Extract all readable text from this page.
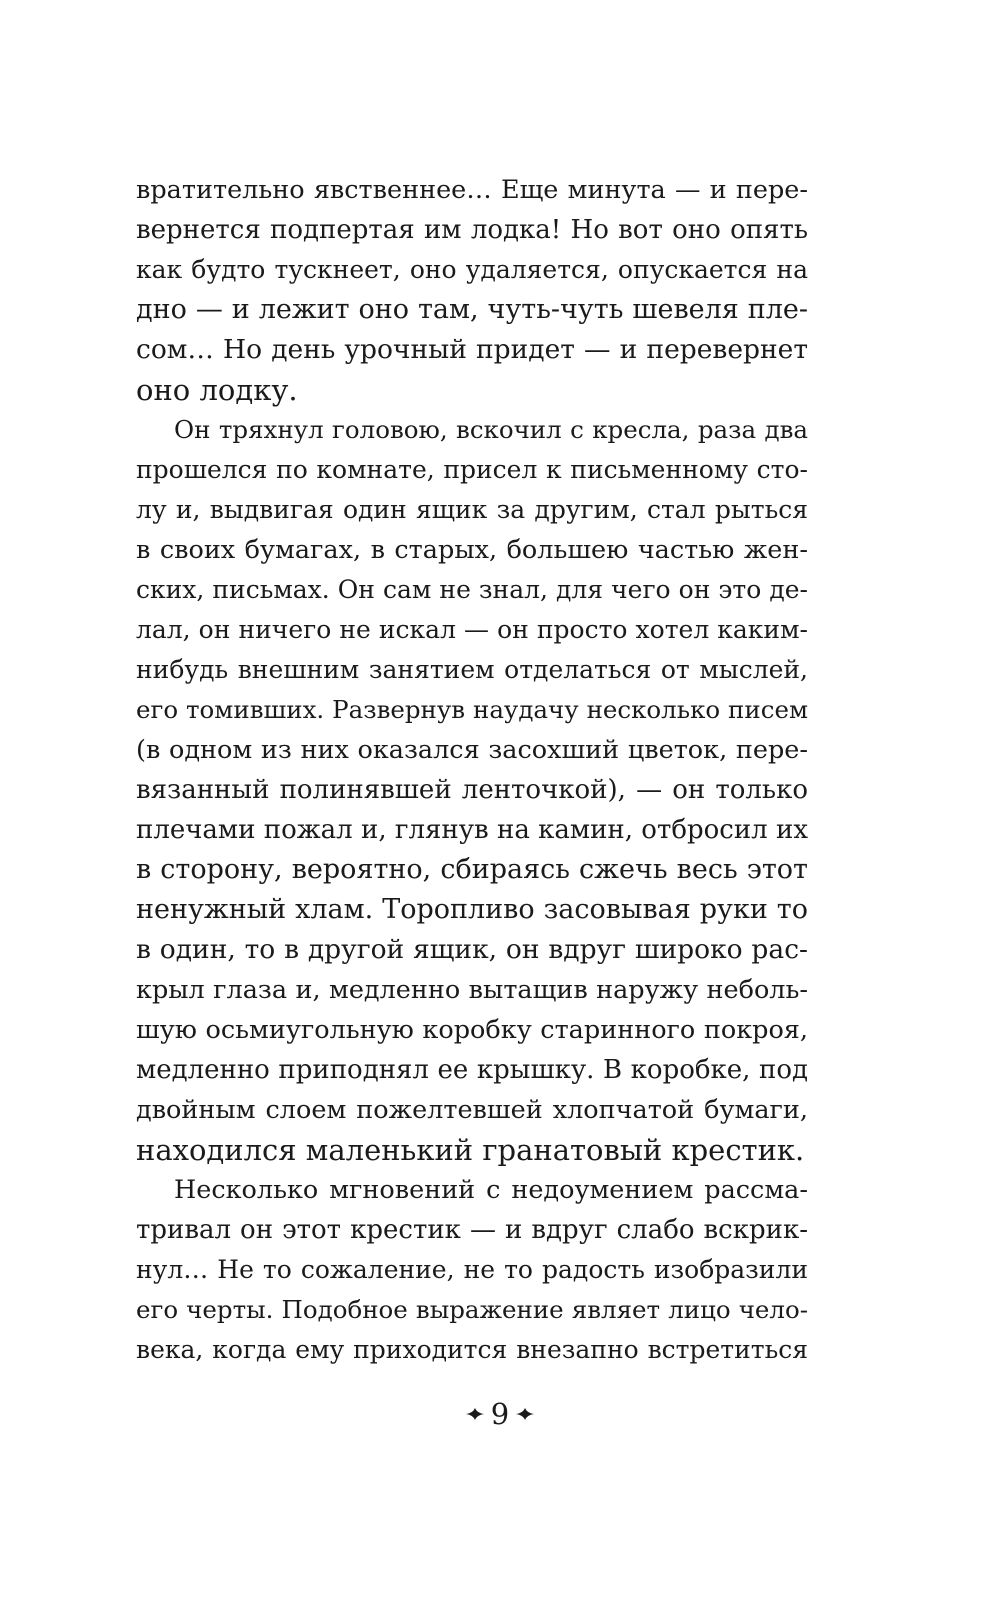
вратительно явственнее… Еще минута — и пере-
вернется подпертая им лодка! Но вот оно опять
как будто тускнеет, оно удаляется, опускается на
дно — и лежит оно там, чуть-чуть шевеля пле-
сом… Но день урочный придет — и перевернет
оно лодку.
Он тряхнул головою, вскочил с кресла, раза два
прошелся по комнате, присел к письменному сто-
лу и, выдвигая один ящик за другим, стал рыться
в своих бумагах, в старых, большею частью жен-
ских, письмах. Он сам не знал, для чего он это де-
лал, он ничего не искал — он просто хотел каким-
нибудь внешним занятием отделаться от мыслей,
его томивших. Развернув наудачу несколько писем
(в одном из них оказался засохший цветок, пере-
вязанный полинявшей ленточкой), — он только
плечами пожал и, глянув на камин, отбросил их
в сторону, вероятно, сбираясь сжечь весь этот
ненужный хлам. Торопливо засовывая руки то
в один, то в другой ящик, он вдруг широко рас-
крыл глаза и, медленно вытащив наружу неболь-
шую осьмиугольную коробку старинного покроя,
медленно приподнял ее крышку. В коробке, под
двойным слоем пожелтевшей хлопчатой бумаги,
находился маленький гранатовый крестик.
Несколько мгновений с недоумением рассма-
тривал он этот крестик — и вдруг слабо вскрик-
нул… Не то сожаление, не то радость изобразили
его черты. Подобное выражение являет лицо чело-
века, когда ему приходится внезапно встретиться
9
